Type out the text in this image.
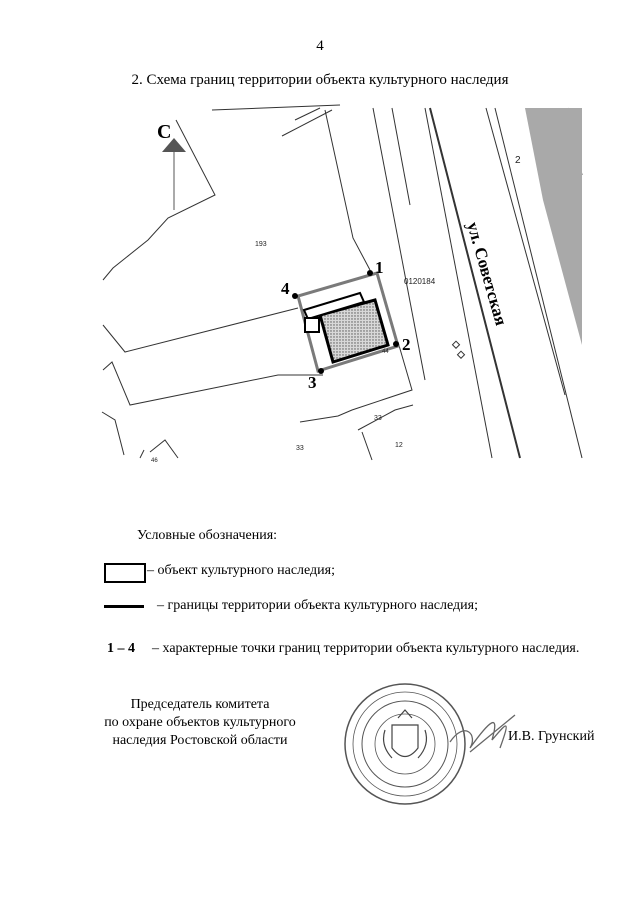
4
2. Схема границ территории объекта культурного наследия
С
1
2
3
4
193
0120184
2
44
33
33	12
46
ул. Советская
Условные обозначения:
– объект культурного наследия;
– границы территории объекта культурного наследия;
1 – 4 – характерные точки границ территории объекта культурного наследия.
Председатель комитета
по охране объектов культурного
наследия Ростовской области	И.В. Грунский
